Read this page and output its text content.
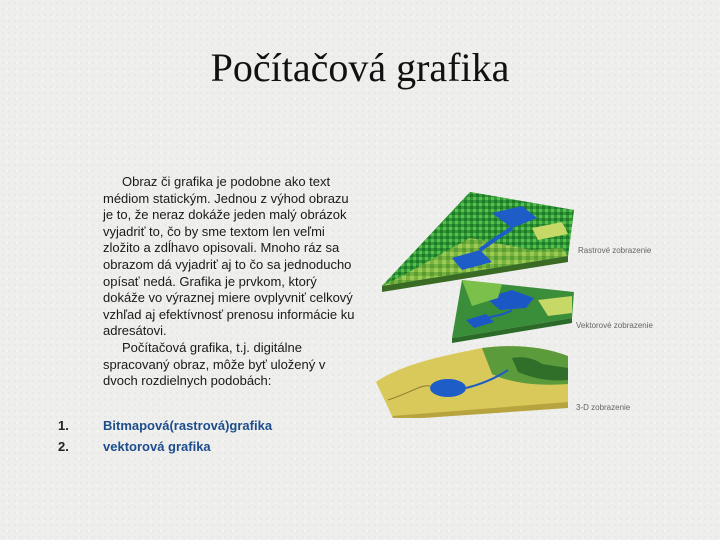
Počítačová grafika

Obraz či grafika je podobne ako text médiom statickým. Jednou z výhod obrazu je to, že neraz dokáže jeden malý obrázok vyjadriť to, čo by sme textom len veľmi zložito a zdĺhavo opisovali. Mnoho ráz sa obrazom dá vyjadriť aj to čo sa jednoducho opísať nedá. Grafika je prvkom, ktorý dokáže vo výraznej miere ovplyvniť celkový vzhľad aj efektívnosť prenosu informácie ku adresátovi.

Počítačová grafika, t.j. digitálne spracovaný obraz, môže byť uložený v dvoch rozdielnych podobách:

1.	Bitmapová(rastrová)grafika
2.	vektorová grafika
Rastrové zobrazenie
Vektorové zobrazenie
3-D zobrazenie
